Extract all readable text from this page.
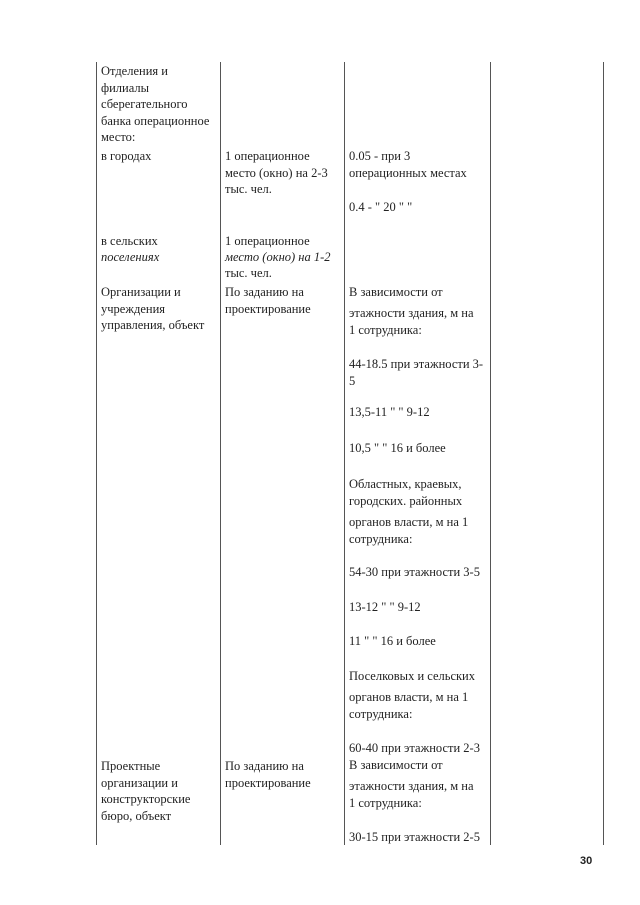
Отделения и
филиалы
сберегательного
банка операционное
место:
в городах	1 операционное
место (окно) на 2-3
тыс. чел.
0.05 - при 3
операционных местах
0.4 - " 20 " "
в сельских
поселениях
1 операционное
место (окно) на 1-2
тыс. чел.
Организации и
учреждения
управления, объект
По заданию на
проектирование
В зависимости от
этажности здания, м на
1 сотрудника:
44-18.5 при этажности 3-
5
13,5-11 " " 9-12
10,5 " " 16 и более
Областных, краевых,
городских. районных
органов власти, м на 1
сотрудника:
54-30 при этажности 3-5
13-12 " " 9-12
11 " " 16 и более
Поселковых и сельских
органов власти, м на 1
сотрудника:
60-40 при этажности 2-3
Проектные
организации и
конструкторские
бюро, объект
По заданию на
проектирование
В зависимости от
этажности здания, м на
1 сотрудника:
30-15 при этажности 2-5
30
